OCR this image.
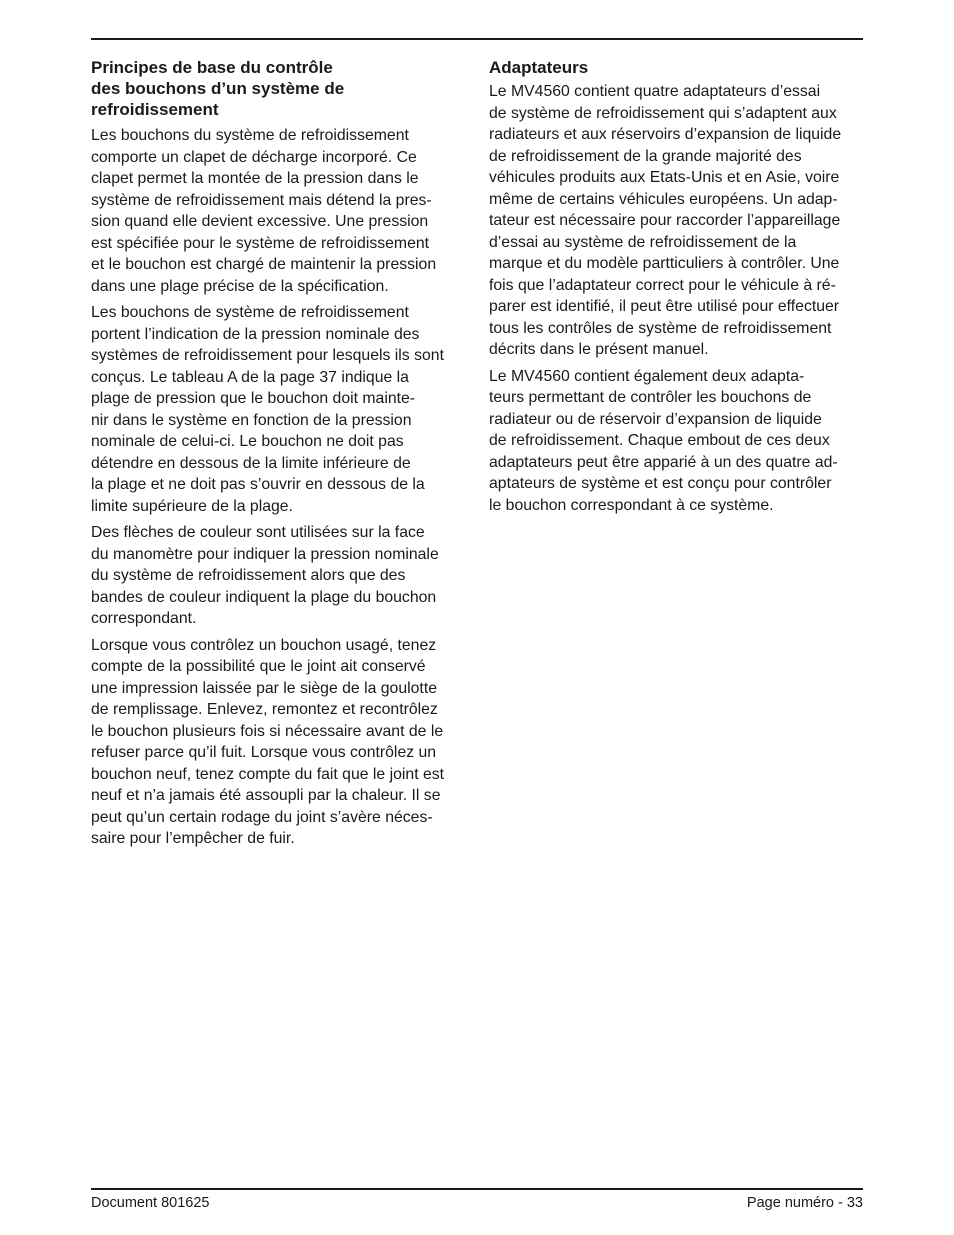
Principes de base du contrôle
des bouchons d’un système de
refroidissement

Les bouchons du système de refroidissement
comporte un clapet de décharge incorporé. Ce
clapet permet la montée de la pression dans le
système de refroidissement mais détend la pres-
sion quand elle devient excessive. Une pression
est spécifiée pour le système de refroidissement
et le bouchon est chargé de maintenir la pression
dans une plage précise de la spécification.

Les bouchons de système de refroidissement
portent l’indication de la pression nominale des
systèmes de refroidissement pour lesquels ils sont
conçus. Le tableau A de la page 37 indique la
plage de pression que le bouchon doit mainte-
nir dans le système en fonction de la pression
nominale de celui-ci. Le bouchon ne doit pas
détendre en dessous de la limite inférieure de
la plage et ne doit pas s’ouvrir en dessous de la
limite supérieure de la plage.

Des flèches de couleur sont utilisées sur la face
du manomètre pour indiquer la pression nominale
du système de refroidissement alors que des
bandes de couleur indiquent la plage du bouchon
correspondant.

Lorsque vous contrôlez un bouchon usagé, tenez
compte de la possibilité que le joint ait conservé
une impression laissée par le siège de la goulotte
de remplissage. Enlevez, remontez et recontrôlez
le bouchon plusieurs fois si nécessaire avant de le
refuser parce qu’il fuit. Lorsque vous contrôlez un
bouchon neuf, tenez compte du fait que le joint est
neuf et n’a jamais été assoupli par la chaleur. Il se
peut qu’un certain rodage du joint s’avère néces-
saire pour l’empêcher de fuir.

Adaptateurs

Le MV4560 contient quatre adaptateurs d’essai
de système de refroidissement qui s’adaptent aux
radiateurs et aux réservoirs d’expansion de liquide
de refroidissement de la grande majorité des
véhicules produits aux Etats-Unis et en Asie, voire
même de certains véhicules européens. Un adap-
tateur est nécessaire pour raccorder l’appareillage
d’essai au système de refroidissement de la
marque et du modèle partticuliers à contrôler. Une
fois que l’adaptateur correct pour le véhicule à ré-
parer est identifié, il peut être utilisé pour effectuer
tous les contrôles de système de refroidissement
décrits dans le présent manuel.

Le MV4560 contient également deux adapta-
teurs permettant de contrôler les bouchons de
radiateur ou de réservoir d’expansion de liquide
de refroidissement. Chaque embout de ces deux
adaptateurs peut être apparié à un des quatre ad-
aptateurs de système et est conçu pour contrôler
le bouchon correspondant à ce système.

Document 801625	Page numéro - 33
